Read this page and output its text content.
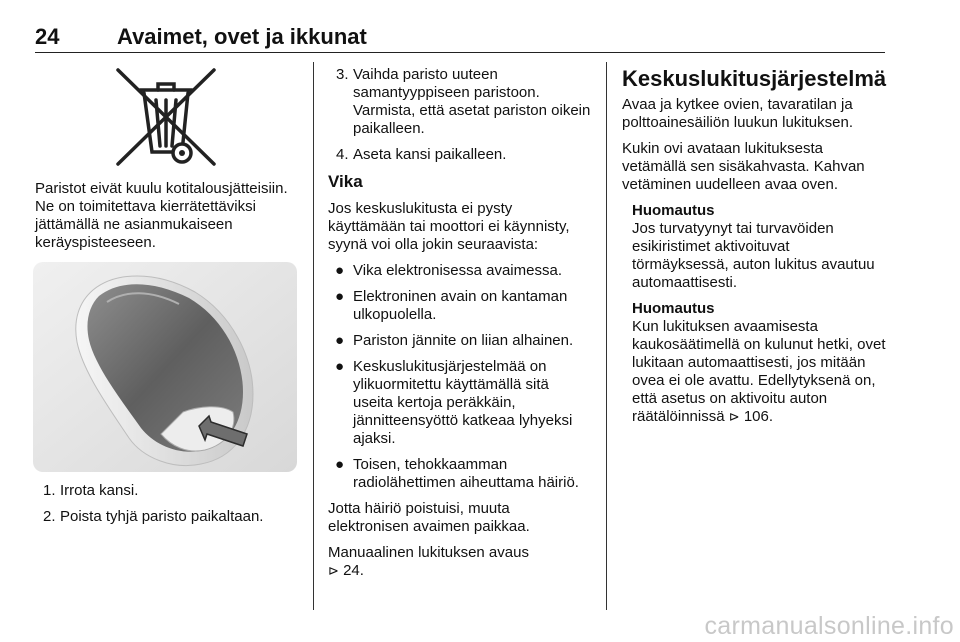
24	Avaimet, ovet ja ikkunat

Paristot eivät kuulu kotitalousjätteisiin. Ne on toimitettava kierrätettäviksi jättämällä ne asianmukaiseen keräyspisteeseen.

1. Irrota kansi.
2. Poista tyhjä paristo paikaltaan.
3. Vaihda paristo uuteen samantyyppiseen paristoon. Varmista, että asetat pariston oikein paikalleen.
4. Aseta kansi paikalleen.
Vika

Jos keskuslukitusta ei pysty käyttämään tai moottori ei käynnisty, syynä voi olla jokin seuraavista:

● Vika elektronisessa avaimessa.
● Elektroninen avain on kantaman ulkopuolella.
● Pariston jännite on liian alhainen.
● Keskuslukitusjärjestelmää on ylikuormitettu käyttämällä sitä useita kertoja peräkkäin, jännitteensyöttö katkeaa lyhyeksi ajaksi.
● Toisen, tehokkaamman radiolähettimen aiheuttama häiriö.

Jotta häiriö poistuisi, muuta elektronisen avaimen paikkaa.

Manuaalinen lukituksen avaus
⊳ 24.

Keskuslukitusjärjestelmä

Avaa ja kytkee ovien, tavaratilan ja polttoainesäiliön luukun lukituksen.

Kukin ovi avataan lukituksesta vetämällä sen sisäkahvasta. Kahvan vetäminen uudelleen avaa oven.

Huomautus
Jos turvatyynyt tai turvavöiden esikiristimet aktivoituvat törmäyksessä, auton lukitus avautuu automaattisesti.
Huomautus
Kun lukituksen avaamisesta kaukosäätimellä on kulunut hetki, ovet lukitaan automaattisesti, jos mitään ovea ei ole avattu. Edellytyksenä on, että asetus on aktivoitu auton räätälöinnissä ⊳ 106.
carmanualsonline.info
